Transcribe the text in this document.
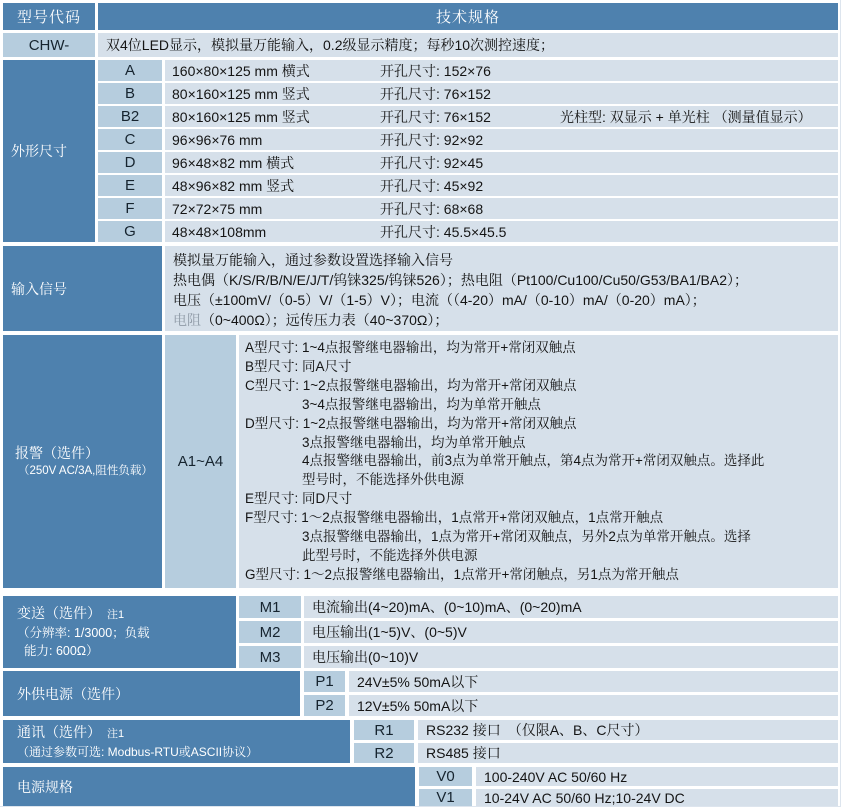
型号代码	技术规格
CHW-	双4位LED显示，模拟量万能输入，0.2级显示精度；每秒10次测控速度；
外形尺寸
A	160×80×125 mm 横式	开孔尺寸: 152×76
B	80×160×125 mm 竖式	开孔尺寸: 76×152
B2	80×160×125 mm 竖式	开孔尺寸: 76×152	光柱型: 双显示 + 单光柱 （测量值显示）
C	96×96×76 mm	开孔尺寸: 92×92
D	96×48×82 mm 横式	开孔尺寸: 92×45
E	48×96×82 mm 竖式	开孔尺寸: 45×92
F	72×72×75 mm	开孔尺寸: 68×68
G	48×48×108mm	开孔尺寸: 45.5×45.5
输入信号
模拟量万能输入，通过参数设置选择输入信号
热电偶（K/S/R/B/N/E/J/T/钨铼325/钨铼526）；热电阻（Pt100/Cu100/Cu50/G53/BA1/BA2）；
电压（±100mV/（0-5）V/（1-5）V）；电流（（4-20）mA/（0-10）mA/（0-20）mA）；
电阻（0~400Ω）；远传压力表（40~370Ω）；
报警（选件）
（250V AC/3A,阻性负载）
A1~A4
A型尺寸: 1~4点报警继电器输出，均为常开+常闭双触点
B型尺寸: 同A尺寸
C型尺寸: 1~2点报警继电器输出，均为常开+常闭双触点
3~4点报警继电器输出，均为单常开触点
D型尺寸: 1~2点报警继电器输出，均为常开+常闭双触点
3点报警继电器输出，均为单常开触点
4点报警继电器输出，前3点为单常开触点，第4点为常开+常闭双触点。选择此
型号时，不能选择外供电源
E型尺寸: 同D尺寸
F型尺寸: 1～2点报警继电器输出，1点常开+常闭双触点，1点常开触点
3点报警继电器输出，1点为常开+常闭双触点，另外2点为单常开触点。选择
此型号时，不能选择外供电源
G型尺寸: 1～2点报警继电器输出，1点常开+常闭触点，另1点为常开触点
变送（选件） 注1
（分辨率: 1/3000；负载
能力: 600Ω）
M1	电流输出(4~20)mA、(0~10)mA、(0~20)mA
M2	电压输出(1~5)V、(0~5)V
M3	电压输出(0~10)V
外供电源（选件）
P1	24V±5% 50mA以下
P2	12V±5% 50mA以下
通讯（选件） 注1
（通过参数可选: Modbus-RTU或ASCII协议）
R1	RS232 接口　（仅限A、B、C尺寸）
R2	RS485 接口
电源规格
V0	100-240V AC 50/60 Hz
V1	10-24V AC 50/60 Hz;10-24V DC
